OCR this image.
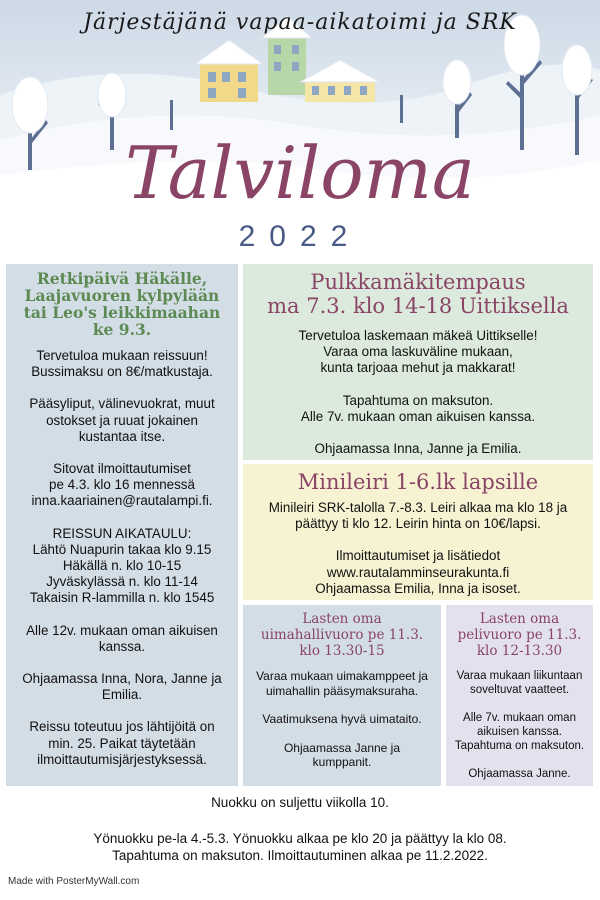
Järjestäjänä vapaa-aikatoimi ja SRK
Talviloma
2022
Retkipäivä Häkälle,
Laajavuoren kylpylään
tai Leo's leikkimaahan
ke 9.3.

Tervetuloa mukaan reissuun!
Bussimaksu on 8€/matkustaja.

Pääsyliput, välinevuokrat, muut
ostokset ja ruuat jokainen
kustantaa itse.

Sitovat ilmoittautumiset
pe 4.3. klo 16 mennessä
inna.kaariainen@rautalampi.fi.

REISSUN AIKATAULU:
Lähtö Nuapurin takaa klo 9.15
Häkällä n. klo 10-15
Jyväskylässä n. klo 11-14
Takaisin R-lammilla n. klo 1545

Alle 12v. mukaan oman aikuisen
kanssa.

Ohjaamassa Inna, Nora, Janne ja
Emilia.

Reissu toteutuu jos lähtijöitä on
min. 25. Paikat täytetään
ilmoittautumisjärjestyksessä.

Pulkkamäkitempaus
ma 7.3. klo 14-18 Uittiksella

Tervetuloa laskemaan mäkeä Uittikselle!
Varaa oma laskuväline mukaan,
kunta tarjoaa mehut ja makkarat!

Tapahtuma on maksuton.
Alle 7v. mukaan oman aikuisen kanssa.

Ohjaamassa Inna, Janne ja Emilia.

Minileiri 1-6.lk lapsille

Minileiri SRK-talolla 7.-8.3. Leiri alkaa ma klo 18 ja
päättyy ti klo 12. Leirin hinta on 10€/lapsi.

Ilmoittautumiset ja lisätiedot
www.rautalamminseurakunta.fi
Ohjaamassa Emilia, Inna ja isoset.

Lasten oma
uimahallivuoro pe 11.3.
klo 13.30-15

Varaa mukaan uimakamppeet ja
uimahallin pääsymaksuraha.

Vaatimuksena hyvä uimataito.

Ohjaamassa Janne ja
kumppanit.

Lasten oma
pelivuoro pe 11.3.
klo 12-13.30

Varaa mukaan liikuntaan
soveltuvat vaatteet.

Alle 7v. mukaan oman
aikuisen kanssa.
Tapahtuma on maksuton.

Ohjaamassa Janne.

Nuokku on suljettu viikolla 10.
Yönuokku pe-la 4.-5.3. Yönuokku alkaa pe klo 20 ja päättyy la klo 08.
Tapahtuma on maksuton. Ilmoittautuminen alkaa pe 11.2.2022.
Made with PosterMyWall.com
